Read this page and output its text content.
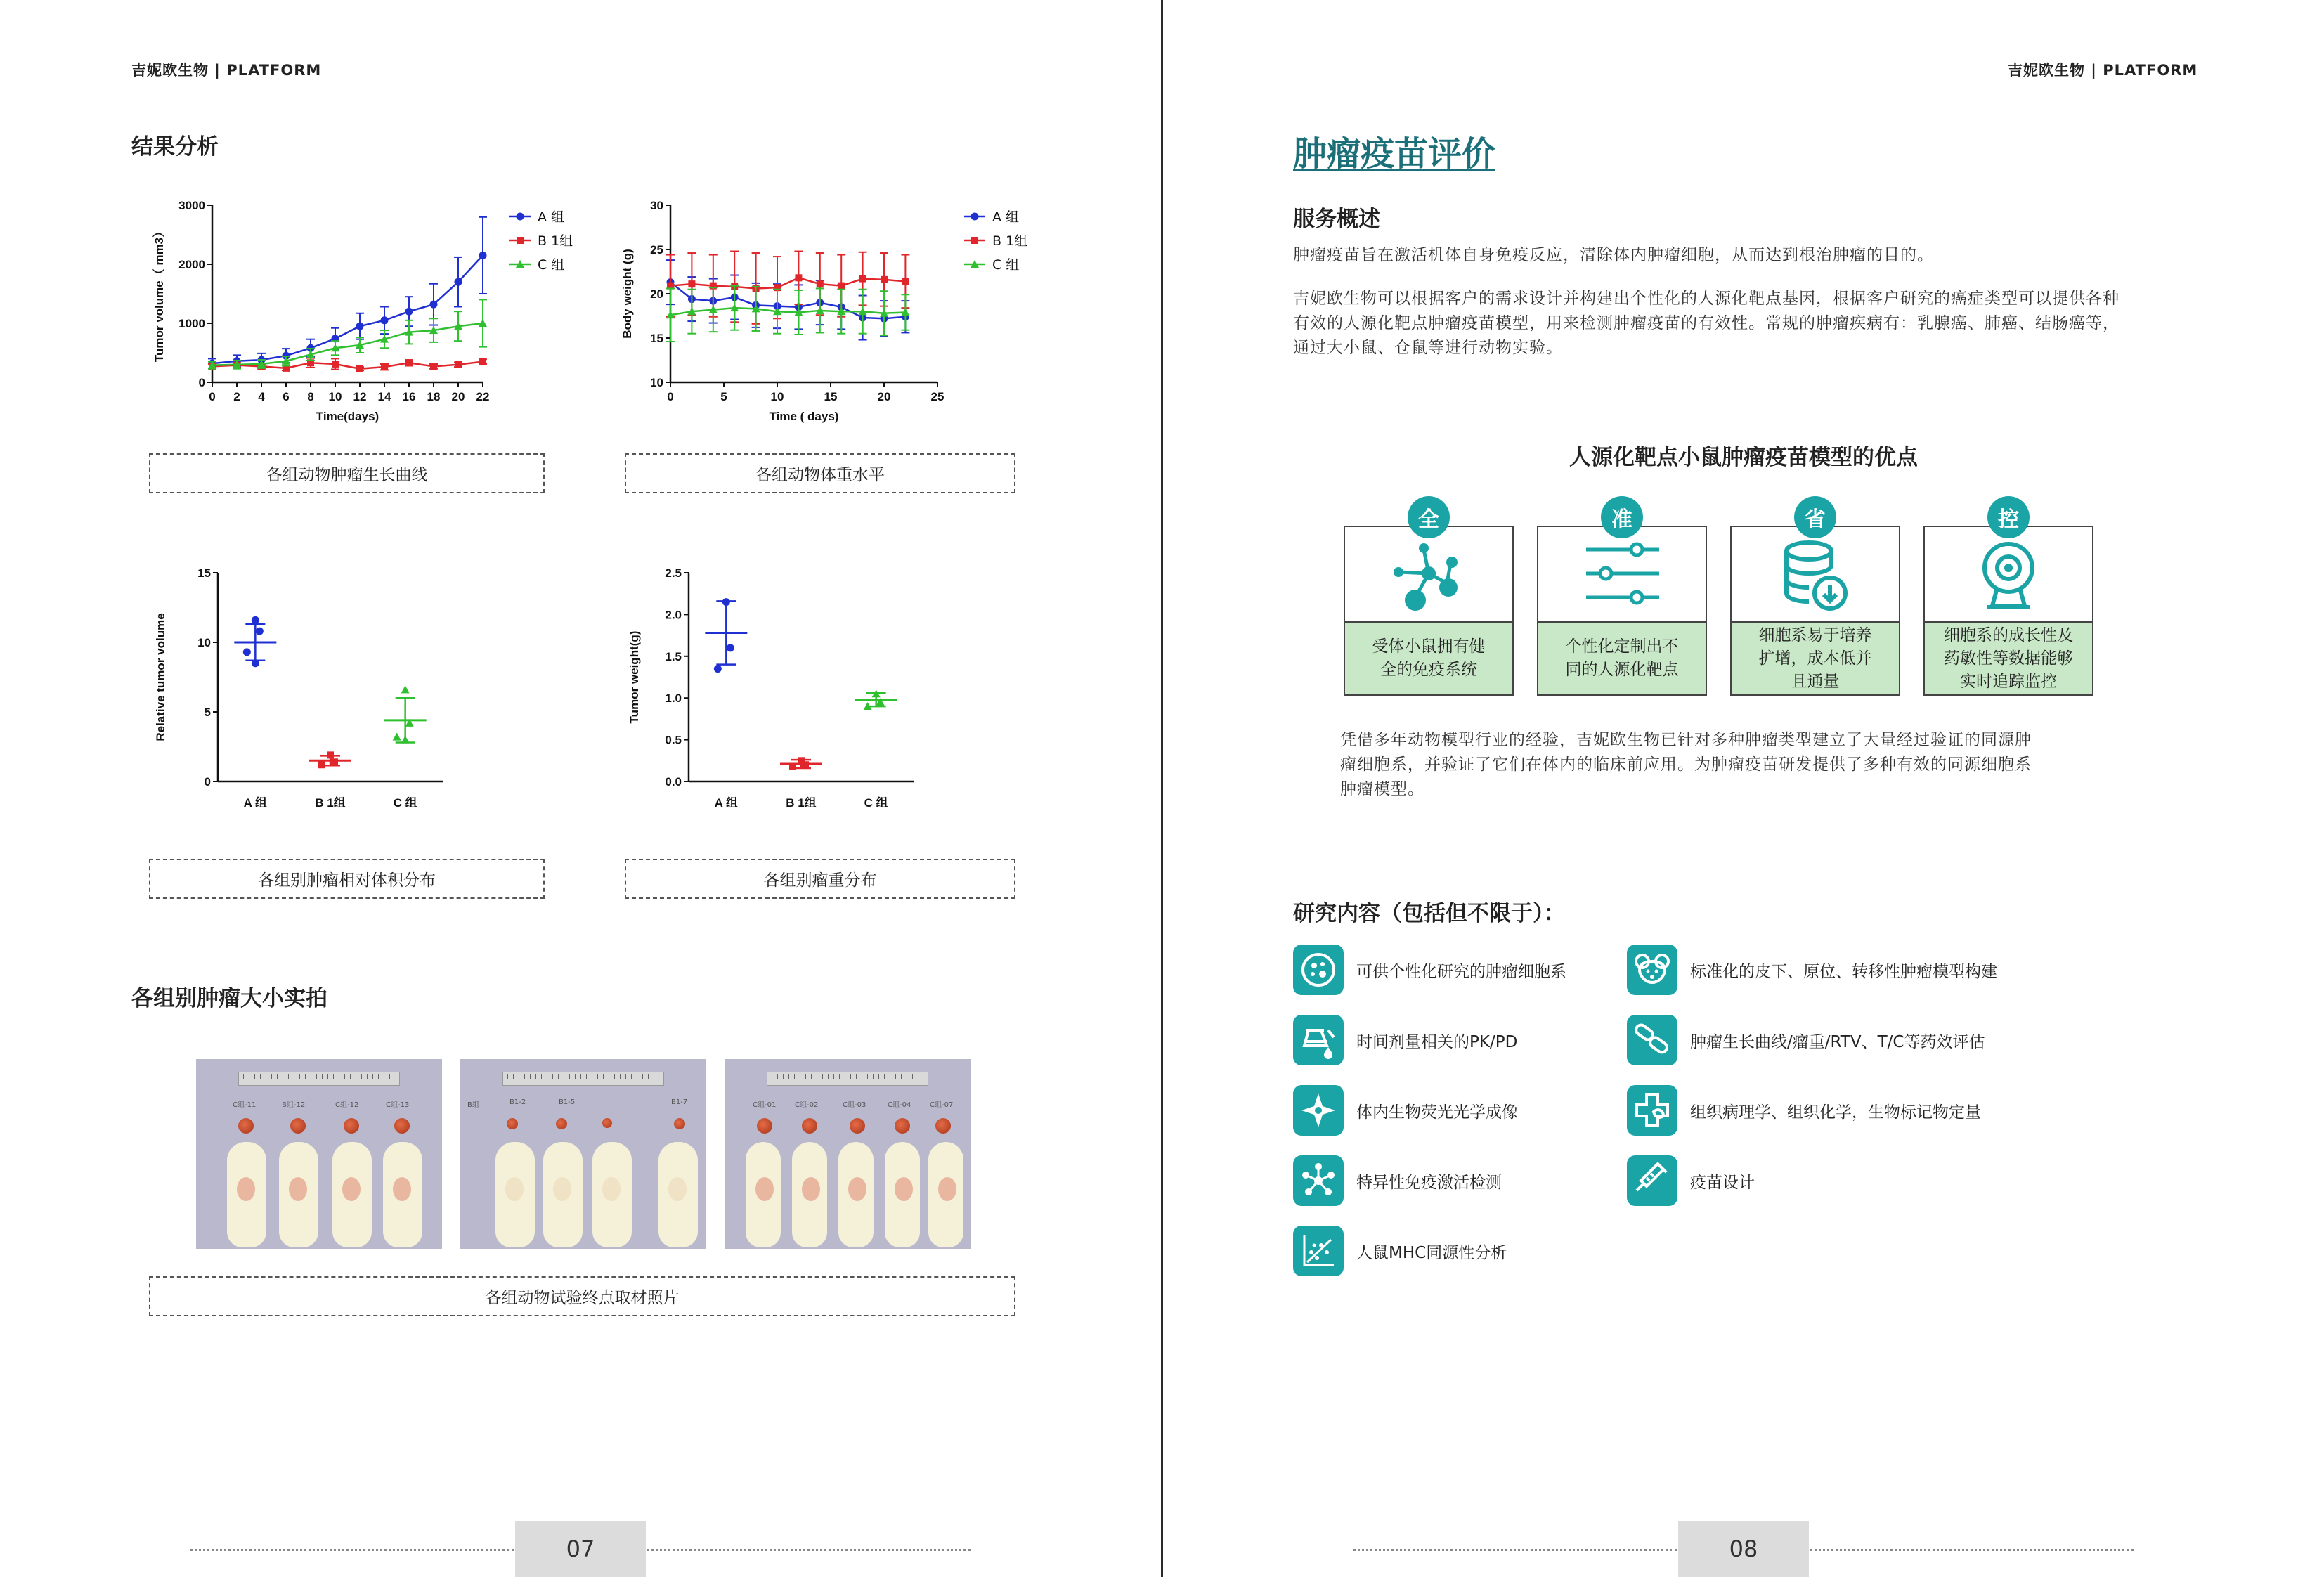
吉妮欧生物 | PLATFORM
结果分析
0
1000
2000
3000
0 2 4 6 8 10 12 14 16 18 20 22
Time(days)
Tumor volume（ mm3）
A 组
B 1组
C 组
10
15
20
25
30
0	5	10	15	20	25
Time ( days)
Body weight (g)
A 组
B 1组
C 组
各组动物肿瘤生长曲线	各组动物体重水平
0
5
10
15
Relative tumor volume
A 组	B 1组	C 组
0.0
0.5
1.0
1.5
2.0
2.5
Tumor weight(g)
A 组	B 1组	C 组
各组别肿瘤相对体积分布	各组别瘤重分布
各组别肿瘤大小实拍
C组-11	B组-12	C组-12	C组-13	B组	B1-2	B1-5	B1-7	C组-01	C组-02	C组-03	C组-04	C组-07
各组动物试验终点取材照片
07
吉妮欧生物 | PLATFORM
肿瘤疫苗评价
服务概述
肿瘤疫苗旨在激活机体自身免疫反应，清除体内肿瘤细胞，从而达到根治肿瘤的目的。
吉妮欧生物可以根据客户的需求设计并构建出个性化的人源化靶点基因，根据客户研究的癌症类型可以提供各种
有效的人源化靶点肿瘤疫苗模型，用来检测肿瘤疫苗的有效性。常规的肿瘤疾病有：乳腺癌、肺癌、结肠癌等，
通过大小鼠、仓鼠等进行动物实验。
人源化靶点小鼠肿瘤疫苗模型的优点
受体小鼠拥有健
全的免疫系统
全
个性化定制出不
同的人源化靶点
准
细胞系易于培养
扩增，成本低并
且通量
省
细胞系的成长性及
药敏性等数据能够
实时追踪监控
控
凭借多年动物模型行业的经验，吉妮欧生物已针对多种肿瘤类型建立了大量经过验证的同源肿
瘤细胞系，并验证了它们在体内的临床前应用。为肿瘤疫苗研发提供了多种有效的同源细胞系
肿瘤模型。
研究内容（包括但不限于）：
可供个性化研究的肿瘤细胞系	标准化的皮下、原位、转移性肿瘤模型构建
时间剂量相关的PK/PD	肿瘤生长曲线/瘤重/RTV、T/C等药效评估
体内生物荧光光学成像	组织病理学、组织化学，生物标记物定量
特异性免疫激活检测	疫苗设计
人鼠MHC同源性分析
08
